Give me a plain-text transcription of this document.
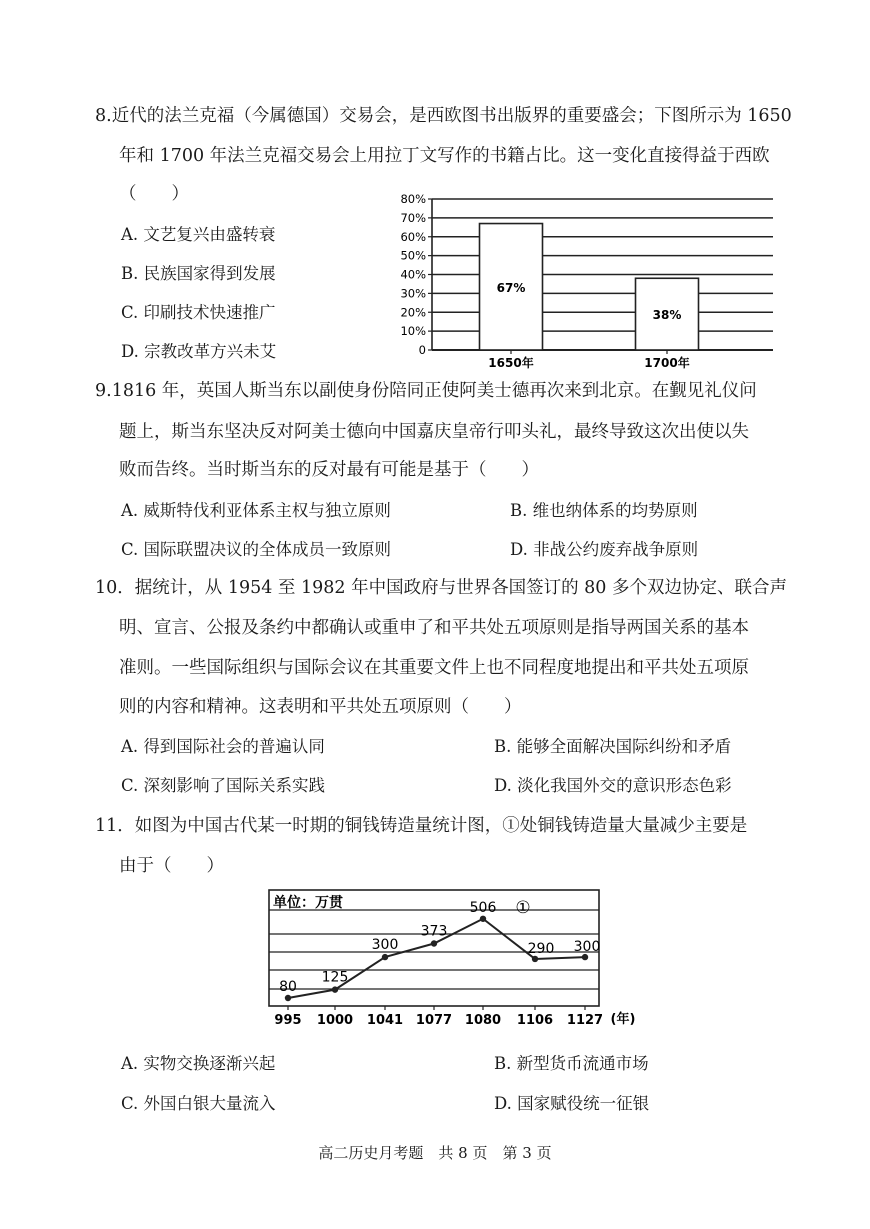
8.近代的法兰克福（今属德国）交易会，是西欧图书出版界的重要盛会；下图所示为 1650
年和 1700 年法兰克福交易会上用拉丁文写作的书籍占比。这一变化直接得益于西欧
（　　）
A. 文艺复兴由盛转衰
B. 民族国家得到发展
C. 印刷技术快速推广
D. 宗教改革方兴未艾	0
10%
20%
30%
40%
50%
60%
70%
80%
67%
1650年
38%
1700年
9.1816 年，英国人斯当东以副使身份陪同正使阿美士德再次来到北京。在觐见礼仪问
题上，斯当东坚决反对阿美士德向中国嘉庆皇帝行叩头礼，最终导致这次出使以失
败而告终。当时斯当东的反对最有可能是基于（　　）
A. 威斯特伐利亚体系主权与独立原则	B. 维也纳体系的均势原则
C. 国际联盟决议的全体成员一致原则	D. 非战公约废弃战争原则
10．据统计，从 1954 至 1982 年中国政府与世界各国签订的 80 多个双边协定、联合声
明、宣言、公报及条约中都确认或重申了和平共处五项原则是指导两国关系的基本
准则。一些国际组织与国际会议在其重要文件上也不同程度地提出和平共处五项原
则的内容和精神。这表明和平共处五项原则（　　）
A. 得到国际社会的普遍认同	B. 能够全面解决国际纠纷和矛盾
C. 深刻影响了国际关系实践	D. 淡化我国外交的意识形态色彩
11．如图为中国古代某一时期的铜钱铸造量统计图，①处铜钱铸造量大量减少主要是
由于（　　）
单位：万贯
80
995
125
1000
300
1041
373
1077
506
1080
290
1106
300
1127 (年)
①
A. 实物交换逐渐兴起	B. 新型货币流通市场
C. 外国白银大量流入	D. 国家赋役统一征银
高二历史月考题　共 8 页　第 3 页
